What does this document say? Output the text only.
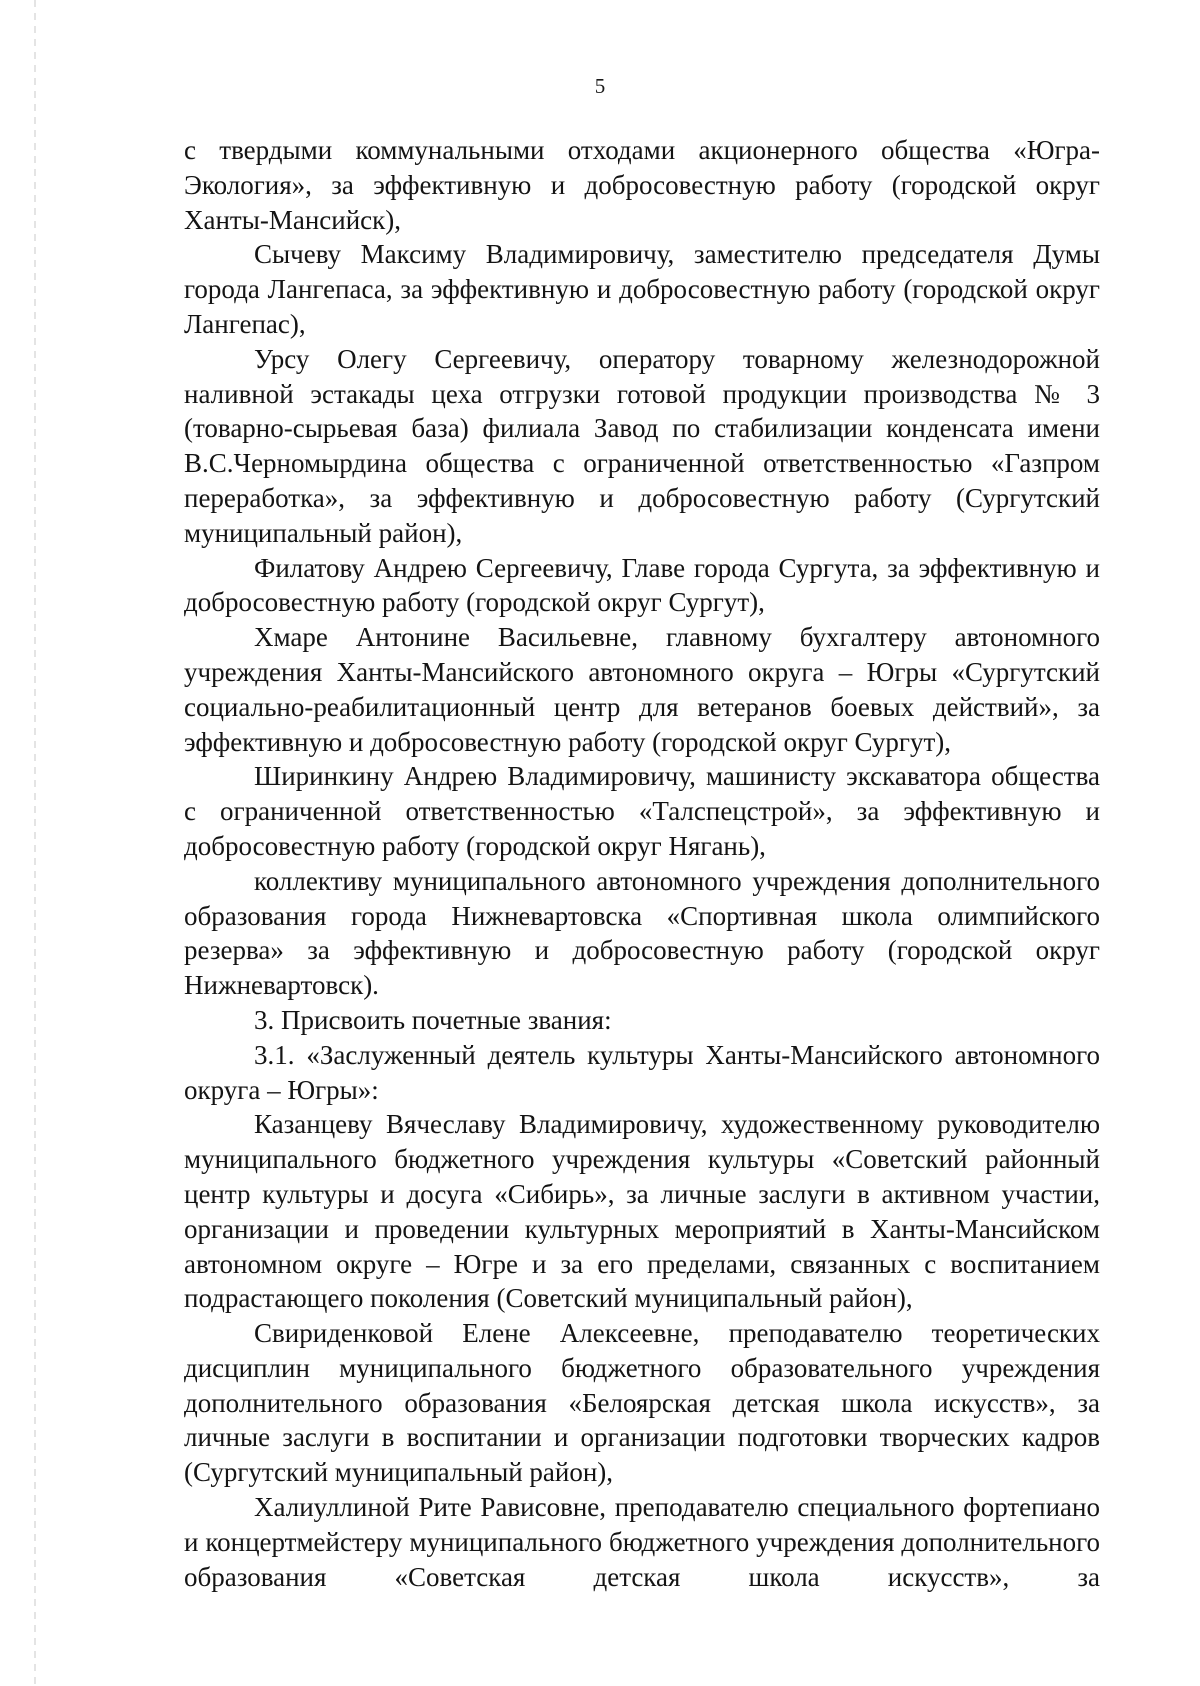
5

с твердыми коммунальными отходами акционерного общества «Югра-Экология», за эффективную и добросовестную работу (городской округ Ханты-Мансийск),

Сычеву Максиму Владимировичу, заместителю председателя Думы города Лангепаса, за эффективную и добросовестную работу (городской округ Лангепас),

Урсу Олегу Сергеевичу, оператору товарному железнодорожной наливной эстакады цеха отгрузки готовой продукции производства № 3 (товарно-сырьевая база) филиала Завод по стабилизации конденсата имени В.С.Черномырдина общества с ограниченной ответственностью «Газпром переработка», за эффективную и добросовестную работу (Сургутский муниципальный район),

Филатову Андрею Сергеевичу, Главе города Сургута, за эффективную и добросовестную работу (городской округ Сургут),

Хмаре Антонине Васильевне, главному бухгалтеру автономного учреждения Ханты-Мансийского автономного округа – Югры «Сургутский социально-реабилитационный центр для ветеранов боевых действий», за эффективную и добросовестную работу (городской округ Сургут),

Ширинкину Андрею Владимировичу, машинисту экскаватора общества с ограниченной ответственностью «Талспецстрой», за эффективную и добросовестную работу (городской округ Нягань),

коллективу муниципального автономного учреждения дополнительного образования города Нижневартовска «Спортивная школа олимпийского резерва» за эффективную и добросовестную работу (городской округ Нижневартовск).

3. Присвоить почетные звания:

3.1. «Заслуженный деятель культуры Ханты-Мансийского автономного округа – Югры»:

Казанцеву Вячеславу Владимировичу, художественному руководителю муниципального бюджетного учреждения культуры «Советский районный центр культуры и досуга «Сибирь», за личные заслуги в активном участии, организации и проведении культурных мероприятий в Ханты-Мансийском автономном округе – Югре и за его пределами, связанных с воспитанием подрастающего поколения (Советский муниципальный район),

Свириденковой Елене Алексеевне, преподавателю теоретических дисциплин муниципального бюджетного образовательного учреждения дополнительного образования «Белоярская детская школа искусств», за личные заслуги в воспитании и организации подготовки творческих кадров (Сургутский муниципальный район),

Халиуллиной Рите Рависовне, преподавателю специального фортепиано и концертмейстеру муниципального бюджетного учреждения дополнительного образования «Советская детская школа искусств», за
